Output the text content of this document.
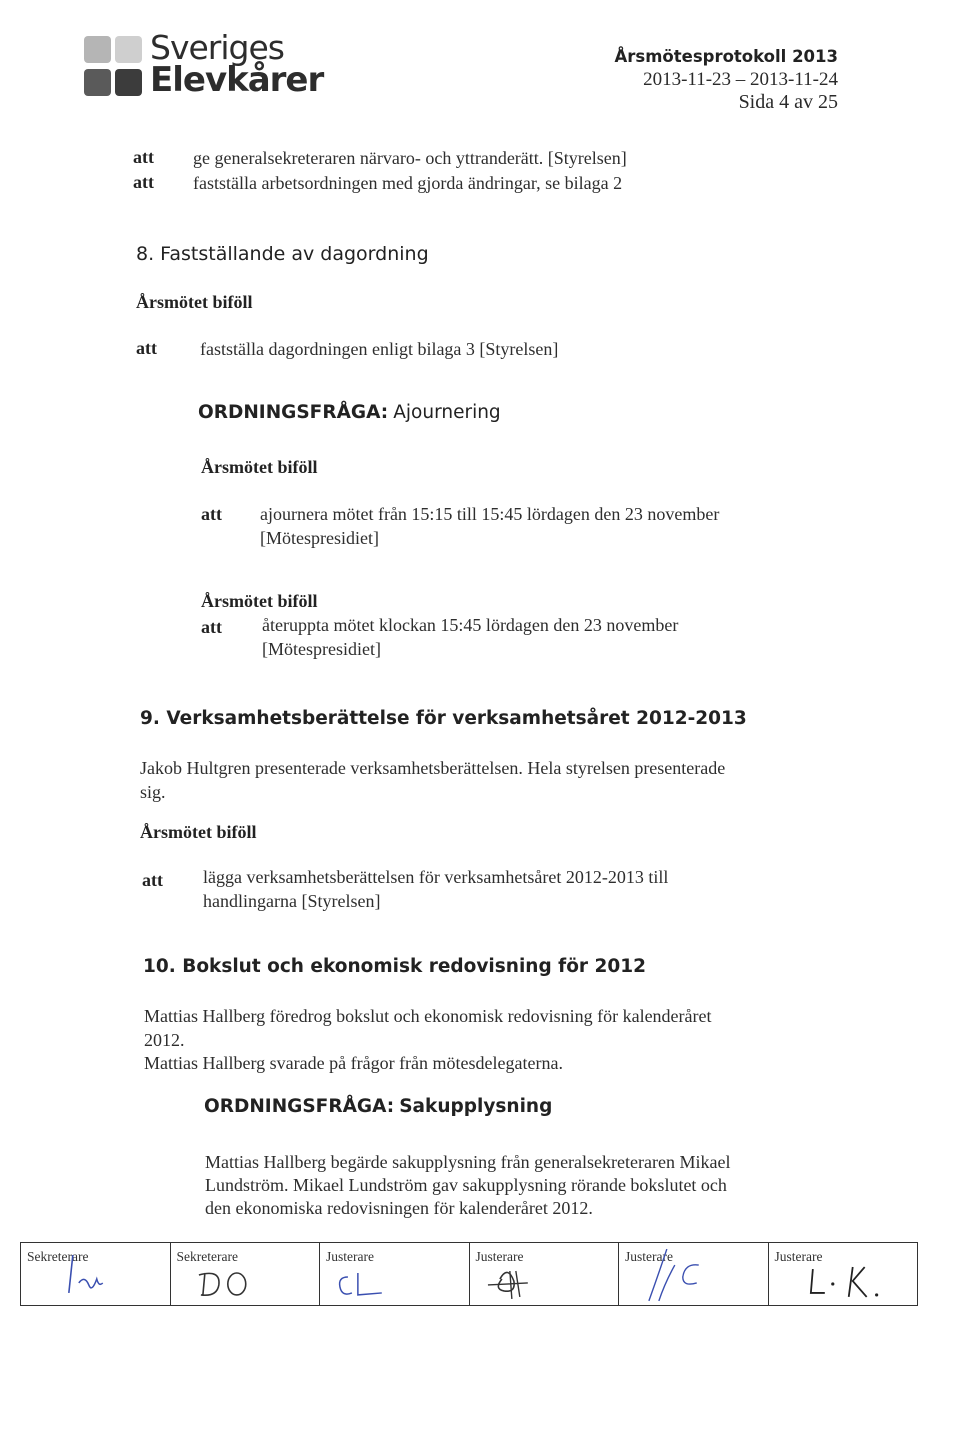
Sveriges
Elevkårer
Årsmötesprotokoll 2013
2013-11-23 – 2013-11-24
Sida 4 av 25
att ge generalsekreteraren närvaro- och yttranderätt. [Styrelsen]
att fastställa arbetsordningen med gjorda ändringar, se bilaga 2
8. Fastställande av dagordning
Årsmötet biföll
att fastställa dagordningen enligt bilaga 3 [Styrelsen]
ORDNINGSFRÅGA: Ajournering
Årsmötet biföll
att ajournera mötet från 15:15 till 15:45 lördagen den 23 november
[Mötespresidiet]
Årsmötet biföll
att återuppta mötet klockan 15:45 lördagen den 23 november
[Mötespresidiet]
9. Verksamhetsberättelse för verksamhetsåret 2012-2013
Jakob Hultgren presenterade verksamhetsberättelsen. Hela styrelsen presenterade
sig.
Årsmötet biföll
att lägga verksamhetsberättelsen för verksamhetsåret 2012-2013 till
handlingarna [Styrelsen]
10. Bokslut och ekonomisk redovisning för 2012
Mattias Hallberg föredrog bokslut och ekonomisk redovisning för kalenderåret
2012.
Mattias Hallberg svarade på frågor från mötesdelegaterna.
ORDNINGSFRÅGA: Sakupplysning
Mattias Hallberg begärde sakupplysning från generalsekreteraren Mikael
Lundström. Mikael Lundström gav sakupplysning rörande bokslutet och
den ekonomiska redovisningen för kalenderåret 2012.
Sekreterare	Sekreterare	Justerare	Justerare	Justerare	Justerare
